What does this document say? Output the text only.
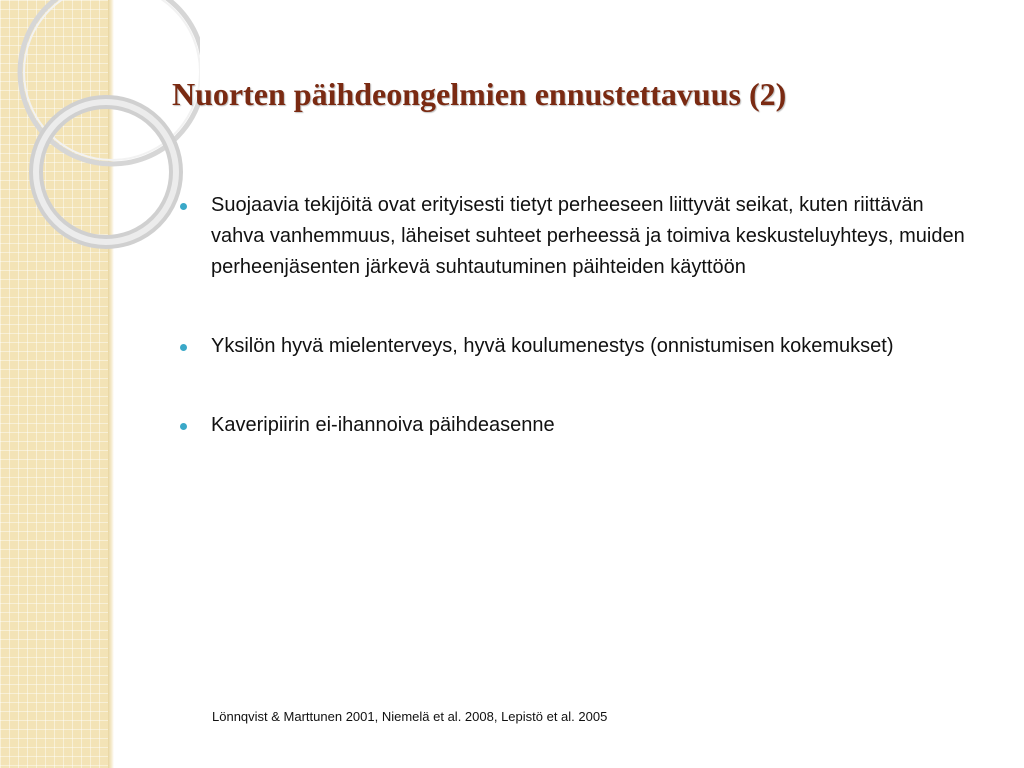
Nuorten päihdeongelmien ennustettavuus (2)
Suojaavia tekijöitä ovat erityisesti tietyt perheeseen liittyvät seikat, kuten riittävän vahva vanhemmuus, läheiset suhteet perheessä ja toimiva keskusteluyhteys, muiden perheenjäsenten järkevä suhtautuminen päihteiden käyttöön
Yksilön hyvä mielenterveys, hyvä koulumenestys (onnistumisen kokemukset)
Kaveripiirin ei-ihannoiva päihdeasenne

Lönnqvist & Marttunen 2001, Niemelä et al. 2008, Lepistö et al. 2005
